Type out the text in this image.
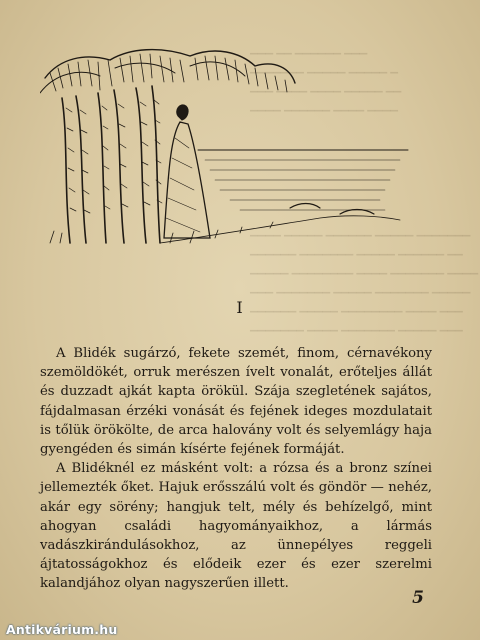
▁▁▁ ▁▁ ▁▁▁▁▁▁ ▁▁▁
▁▁▁▁▁▁▁ ▁▁▁▁▁ ▁▁▁▁▁ ▁
▁▁▁ ▁▁▁▁ ▁▁▁▁ ▁▁▁▁▁ ▁▁
▁▁▁▁ ▁▁▁▁▁▁ ▁▁▁▁ ▁▁▁▁
▁▁▁▁ ▁▁▁▁▁ ▁▁▁▁▁▁ ▁▁▁▁▁ ▁▁▁▁▁▁▁
▁▁▁▁▁▁ ▁▁▁▁▁▁▁ ▁▁▁▁▁ ▁▁▁▁▁▁ ▁▁
▁▁▁▁▁ ▁▁▁▁▁▁▁▁ ▁▁▁▁ ▁▁▁▁▁▁▁ ▁▁▁▁
▁▁▁ ▁▁▁▁▁▁▁ ▁▁▁▁▁ ▁▁▁▁▁▁▁ ▁▁▁▁▁
▁▁▁▁▁▁ ▁▁▁▁▁ ▁▁▁▁▁▁▁▁ ▁▁▁▁ ▁▁▁
▁▁▁▁▁▁▁ ▁▁▁▁ ▁▁▁▁▁▁▁ ▁▁▁▁▁ ▁▁▁
I

A Blidék sugárzó, fekete szemét, finom, cérnavékony szemöldökét, orruk merészen ívelt vonalát, erőteljes állát és duzzadt ajkát kapta örökül. Szája szegletének sajátos, fájdalmasan érzéki vonását és fejének ideges mozdulatait is tőlük örökölte, de arca halovány volt és selyemlágy haja gyengéden és simán kísérte fejének formáját.

A Blidéknél ez másként volt: a rózsa és a bronz színei jellemezték őket. Hajuk erősszálú volt és göndör — nehéz, akár egy sörény; hangjuk telt, mély és behízelgő, mint ahogyan családi hagyományaikhoz, a lármás vadászkirándulásokhoz, az ünnepélyes reggeli ájtatosságokhoz és elődeik ezer és ezer szerelmi kalandjához olyan nagyszerűen illett.

5
Antikvárium.hu
